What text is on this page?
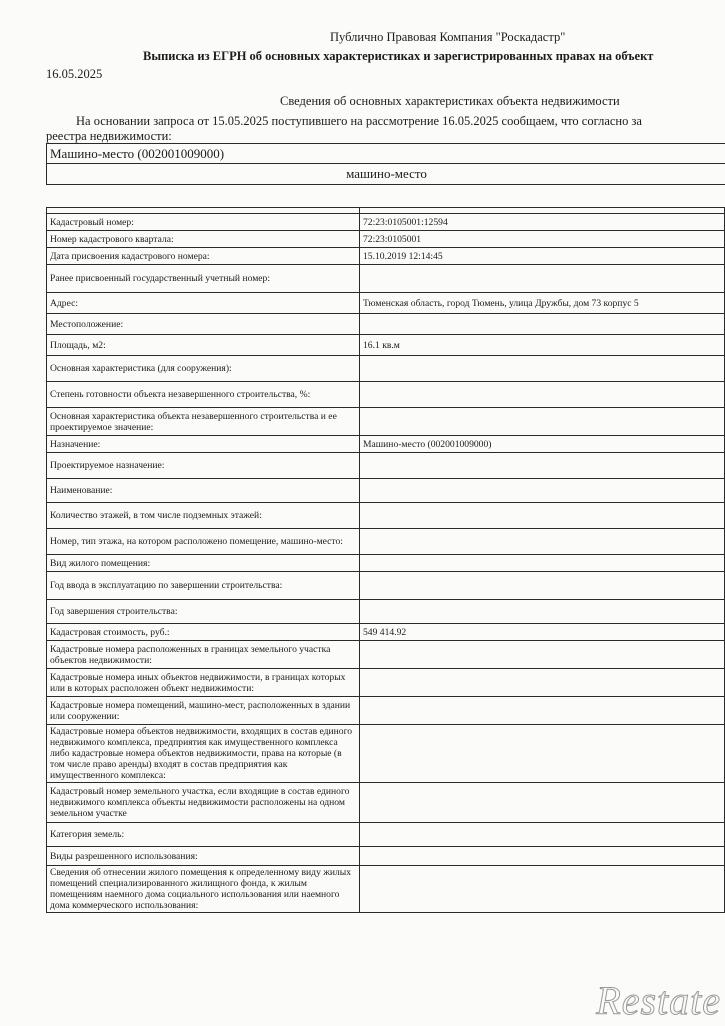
Публично Правовая Компания "Роскадастр"
Выписка из ЕГРН об основных характеристиках и зарегистрированных правах на объект
16.05.2025
Сведения об основных характеристиках объекта недвижимости
На основании запроса от 15.05.2025 поступившего на рассмотрение 16.05.2025 сообщаем, что согласно за
реестра недвижимости:
Машино-место (002001009000)
машино-место

Кадастровый номер:	72:23:0105001:12594
Номер кадастрового квартала:	72:23:0105001
Дата присвоения кадастрового номера:	15.10.2019 12:14:45
Ранее присвоенный государственный учетный номер:	
Адрес:	Тюменская область, город Тюмень, улица Дружбы, дом 73 корпус 5
Местоположение:	
Площадь, м2:	16.1 кв.м
Основная характеристика (для сооружения):	
Степень готовности объекта незавершенного строительства, %:	
Основная характеристика объекта незавершенного строительства и ее проектируемое значение:	
Назначение:	Машино-место (002001009000)
Проектируемое назначение:	
Наименование:	
Количество этажей, в том числе подземных этажей:	
Номер, тип этажа, на котором расположено помещение, машино-место:	
Вид жилого помещения:	
Год ввода в эксплуатацию по завершении строительства:	
Год завершения строительства:	
Кадастровая стоимость, руб.:	549 414.92
Кадастровые номера расположенных в границах земельного участка объектов недвижимости:	
Кадастровые номера иных объектов недвижимости, в границах которых или в которых расположен объект недвижимости:	
Кадастровые номера помещений, машино-мест, расположенных в здании или сооружении:	
Кадастровые номера объектов недвижимости, входящих в состав единого недвижимого комплекса, предприятия как имущественного комплекса либо кадастровые номера объектов недвижимости, права на которые (в том числе право аренды) входят в состав предприятия как имущественного комплекса:	
Кадастровый номер земельного участка, если входящие в состав единого недвижимого комплекса объекты недвижимости расположены на одном земельном участке	
Категория земель:	
Виды разрешенного использования:	
Сведения об отнесении жилого помещения к определенному виду жилых помещений специализированного жилищного фонда, к жилым помещениям наемного дома социального использования или наемного дома коммерческого использования:	
Restate
